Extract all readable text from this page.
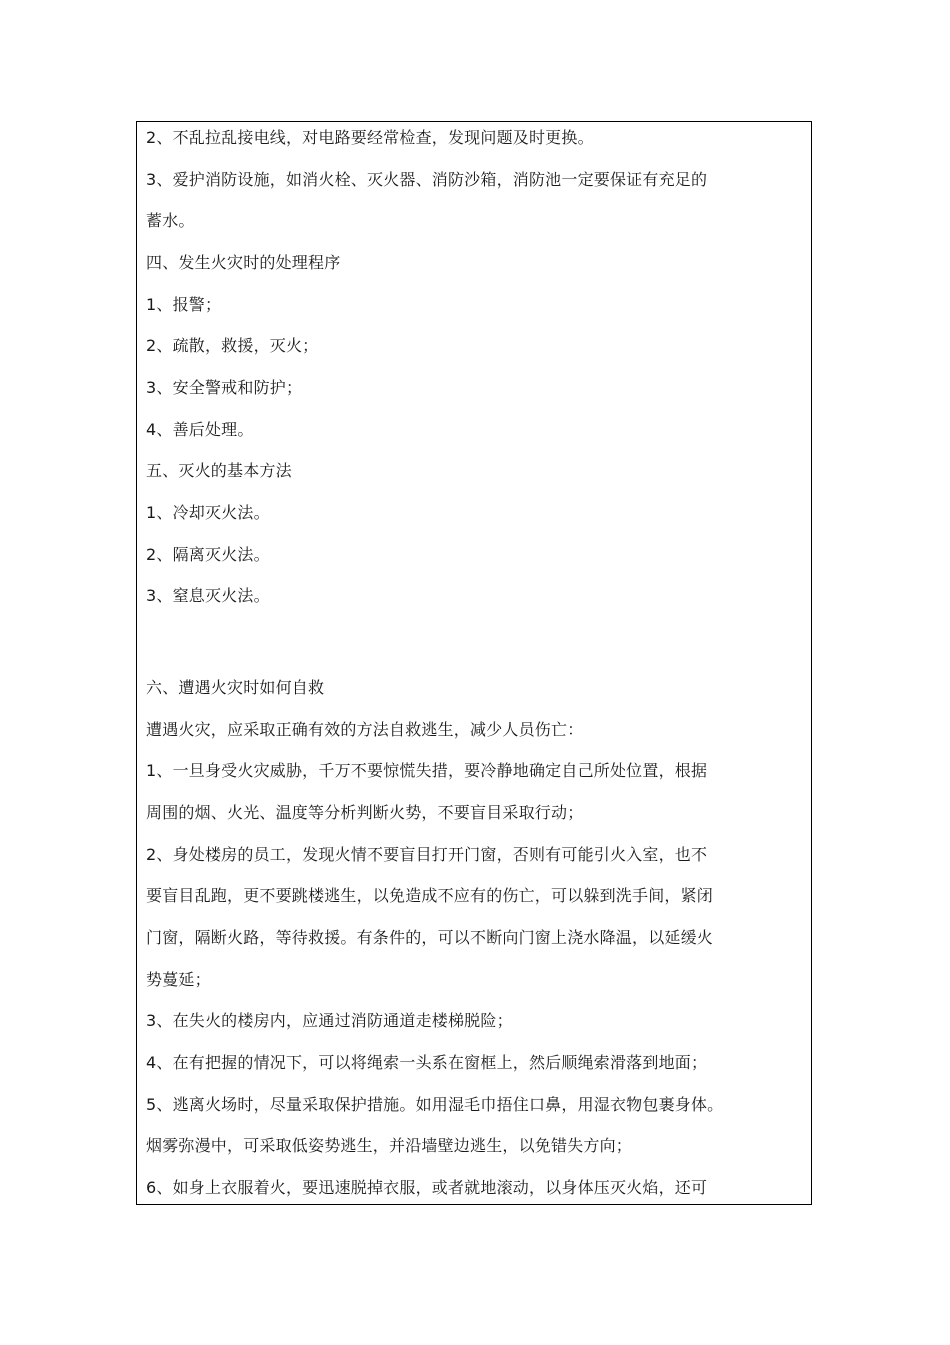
2、不乱拉乱接电线，对电路要经常检查，发现问题及时更换。
3、爱护消防设施，如消火栓、灭火器、消防沙箱，消防池一定要保证有充足的
蓄水。
四、发生火灾时的处理程序
1、报警；
2、疏散，救援，灭火；
3、安全警戒和防护；
4、善后处理。
五、灭火的基本方法
1、冷却灭火法。
2、隔离灭火法。
3、窒息灭火法。
六、遭遇火灾时如何自救
遭遇火灾，应采取正确有效的方法自救逃生，减少人员伤亡：
1、一旦身受火灾威胁，千万不要惊慌失措，要冷静地确定自己所处位置，根据
周围的烟、火光、温度等分析判断火势，不要盲目采取行动；
2、身处楼房的员工，发现火情不要盲目打开门窗，否则有可能引火入室，也不
要盲目乱跑，更不要跳楼逃生，以免造成不应有的伤亡，可以躲到洗手间，紧闭
门窗，隔断火路，等待救援。有条件的，可以不断向门窗上浇水降温，以延缓火
势蔓延；
3、在失火的楼房内，应通过消防通道走楼梯脱险；
4、在有把握的情况下，可以将绳索一头系在窗框上，然后顺绳索滑落到地面；
5、逃离火场时，尽量采取保护措施。如用湿毛巾捂住口鼻，用湿衣物包裹身体。
烟雾弥漫中，可采取低姿势逃生，并沿墙壁边逃生，以免错失方向；
6、如身上衣服着火，要迅速脱掉衣服，或者就地滚动，以身体压灭火焰，还可
